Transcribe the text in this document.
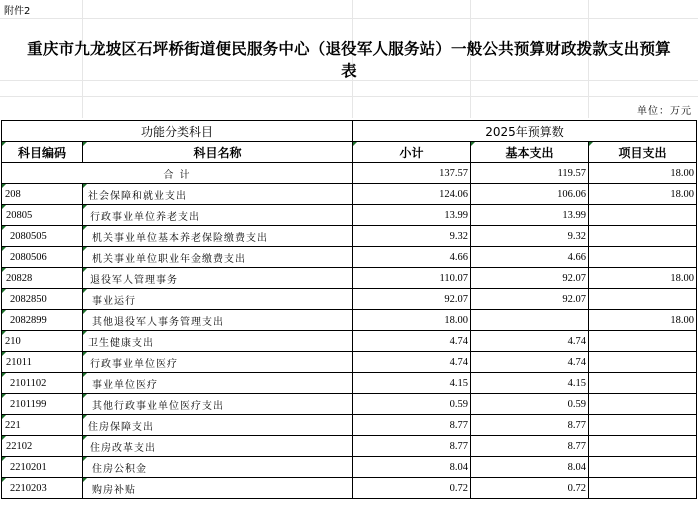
附件2
重庆市九龙坡区石坪桥街道便民服务中心（退役军人服务站）一般公共预算财政拨款支出预算
表
单位：万元
功能分类科目		2025年预算数		
科目编码	科目名称	小计	基本支出	项目支出
合计		137.57	119.57	18.00
208	社会保障和就业支出	124.06	106.06	18.00
20805	行政事业单位养老支出	13.99	13.99	
2080505	机关事业单位基本养老保险缴费支出	9.32	9.32	
2080506	机关事业单位职业年金缴费支出	4.66	4.66	
20828	退役军人管理事务	110.07	92.07	18.00
2082850	事业运行	92.07	92.07	
2082899	其他退役军人事务管理支出	18.00		18.00
210	卫生健康支出	4.74	4.74	
21011	行政事业单位医疗	4.74	4.74	
2101102	事业单位医疗	4.15	4.15	
2101199	其他行政事业单位医疗支出	0.59	0.59	
221	住房保障支出	8.77	8.77	
22102	住房改革支出	8.77	8.77	
2210201	住房公积金	8.04	8.04	
2210203	购房补贴	0.72	0.72	
